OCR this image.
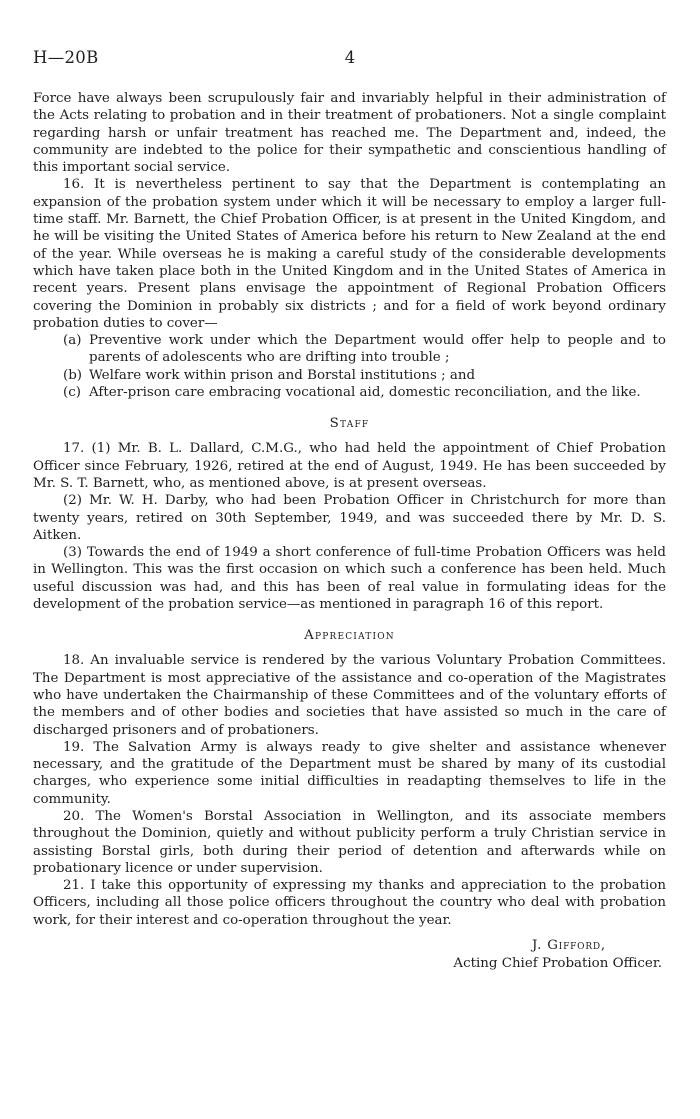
H—20B	4

Force have always been scrupulously fair and invariably helpful in their administration of the Acts relating to probation and in their treatment of probationers. Not a single complaint regarding harsh or unfair treatment has reached me. The Department and, indeed, the community are indebted to the police for their sympathetic and conscientious handling of this important social service.

16. It is nevertheless pertinent to say that the Department is contemplating an expansion of the probation system under which it will be necessary to employ a larger full-time staff. Mr. Barnett, the Chief Probation Officer, is at present in the United Kingdom, and he will be visiting the United States of America before his return to New Zealand at the end of the year. While overseas he is making a careful study of the considerable developments which have taken place both in the United Kingdom and in the United States of America in recent years. Present plans envisage the appointment of Regional Probation Officers covering the Dominion in probably six districts ; and for a field of work beyond ordinary probation duties to cover—

(a) Preventive work under which the Department would offer help to people and to parents of adolescents who are drifting into trouble ;
(b) Welfare work within prison and Borstal institutions ; and
(c) After-prison care embracing vocational aid, domestic reconciliation, and the like.
Staff

17. (1) Mr. B. L. Dallard, C.M.G., who had held the appointment of Chief Probation Officer since February, 1926, retired at the end of August, 1949. He has been succeeded by Mr. S. T. Barnett, who, as mentioned above, is at present overseas.

(2) Mr. W. H. Darby, who had been Probation Officer in Christchurch for more than twenty years, retired on 30th September, 1949, and was succeeded there by Mr. D. S. Aitken.

(3) Towards the end of 1949 a short conference of full-time Probation Officers was held in Wellington. This was the first occasion on which such a conference has been held. Much useful discussion was had, and this has been of real value in formulating ideas for the development of the probation service—as mentioned in paragraph 16 of this report.

Appreciation

18. An invaluable service is rendered by the various Voluntary Probation Committees. The Department is most appreciative of the assistance and co-operation of the Magistrates who have undertaken the Chairmanship of these Committees and of the voluntary efforts of the members and of other bodies and societies that have assisted so much in the care of discharged prisoners and of probationers.

19. The Salvation Army is always ready to give shelter and assistance whenever necessary, and the gratitude of the Department must be shared by many of its custodial charges, who experience some initial difficulties in readapting themselves to life in the community.

20. The Women's Borstal Association in Wellington, and its associate members throughout the Dominion, quietly and without publicity perform a truly Christian service in assisting Borstal girls, both during their period of detention and afterwards while on probationary licence or under supervision.

21. I take this opportunity of expressing my thanks and appreciation to the probation Officers, including all those police officers throughout the country who deal with probation work, for their interest and co-operation throughout the year.

J. Gifford,
Acting Chief Probation Officer.
